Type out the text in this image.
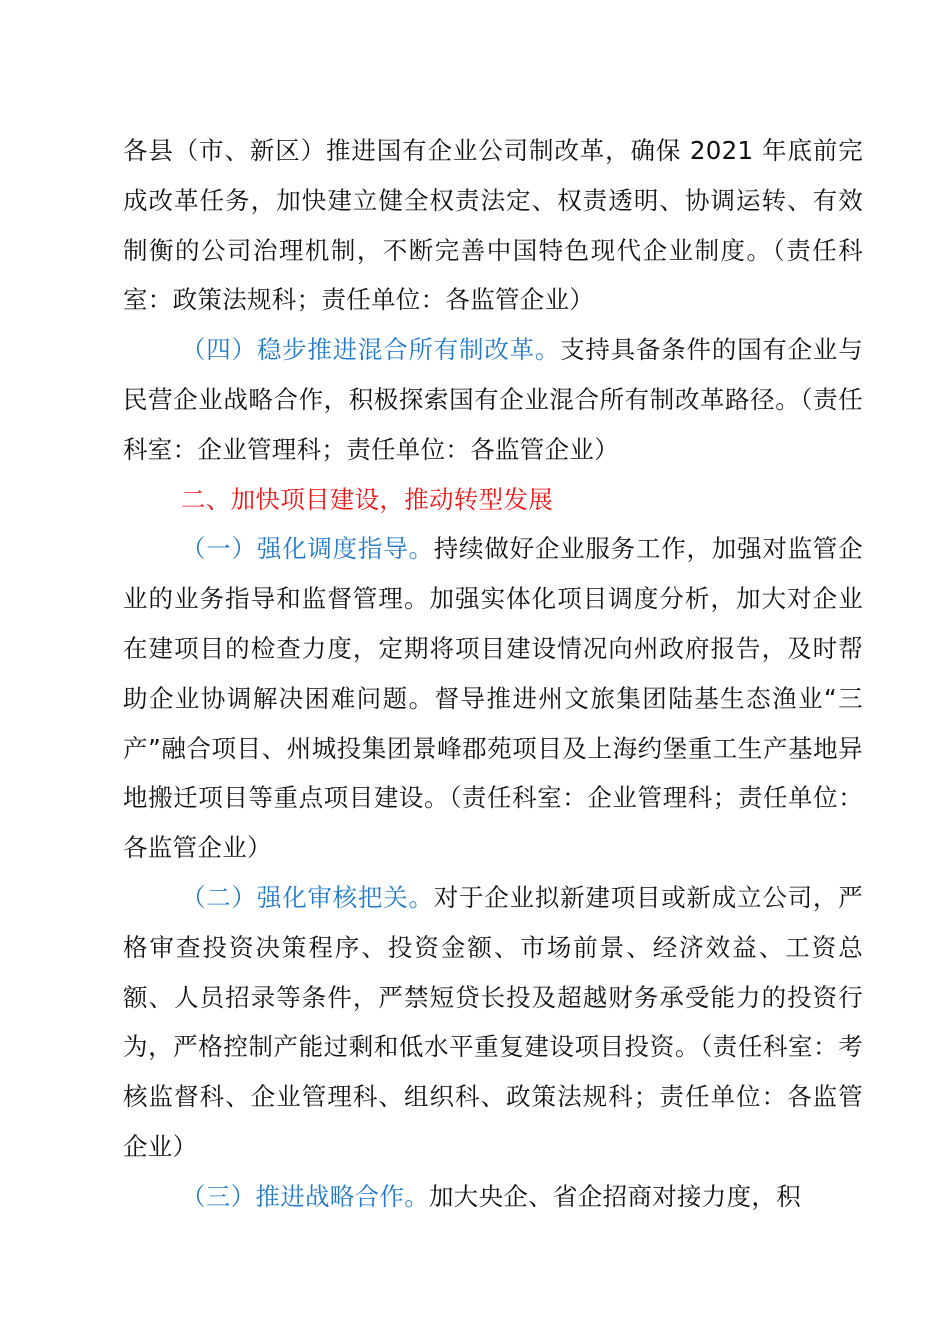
各县（市、新区）推进国有企业公司制改革，确保 2021 年底前完成改革任务，加快建立健全权责法定、权责透明、协调运转、有效制衡的公司治理机制，不断完善中国特色现代企业制度。（责任科室：政策法规科；责任单位：各监管企业）

（四）稳步推进混合所有制改革。支持具备条件的国有企业与民营企业战略合作，积极探索国有企业混合所有制改革路径。（责任科室：企业管理科；责任单位：各监管企业）

二、加快项目建设，推动转型发展

（一）强化调度指导。持续做好企业服务工作，加强对监管企业的业务指导和监督管理。加强实体化项目调度分析，加大对企业在建项目的检查力度，定期将项目建设情况向州政府报告，及时帮助企业协调解决困难问题。督导推进州文旅集团陆基生态渔业“三产”融合项目、州城投集团景峰郡苑项目及上海约堡重工生产基地异地搬迁项目等重点项目建设。（责任科室：企业管理科；责任单位：各监管企业）

（二）强化审核把关。对于企业拟新建项目或新成立公司，严格审查投资决策程序、投资金额、市场前景、经济效益、工资总额、人员招录等条件，严禁短贷长投及超越财务承受能力的投资行为，严格控制产能过剩和低水平重复建设项目投资。（责任科室：考核监督科、企业管理科、组织科、政策法规科；责任单位：各监管企业）

（三）推进战略合作。加大央企、省企招商对接力度，积
